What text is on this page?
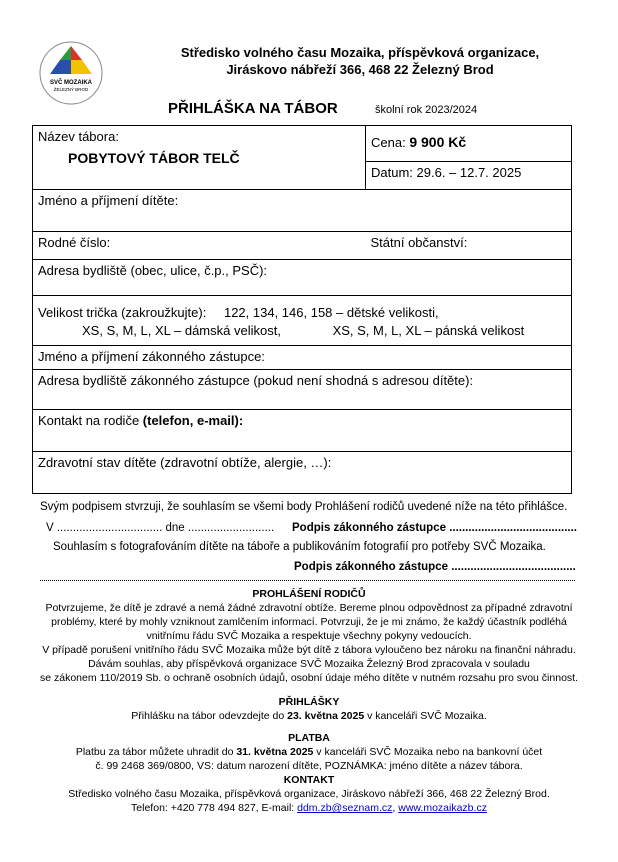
SVČ MOZAIKA
ŽELEZNÝ BROD
Středisko volného času Mozaika, příspěvková organizace,
Jiráskovo nábřeží 366, 468 22 Železný Brod
PŘIHLÁŠKA NA TÁBOR	školní rok 2023/2024
Název tábora:
POBYTOVÝ TÁBOR TELČ	Cena: 9 900 Kč
	Datum: 29.6. – 12.7. 2025
Jméno a příjmení dítěte:	
Rodné číslo:	Státní občanství:
Adresa bydliště (obec, ulice, č.p., PSČ):	

Velikost trička (zakroužkujte): 122, 134, 146, 158 – dětské velikosti,
XS, S, M, L, XL – dámská velikost, XS, S, M, L, XL – pánská velikost	

Jméno a příjmení zákonného zástupce:	
Adresa bydliště zákonného zástupce (pokud není shodná s adresou dítěte):	
Kontakt na rodiče (telefon, e-mail):	
Zdravotní stav dítěte (zdravotní obtíže, alergie, …):	
Svým podpisem stvrzuji, že souhlasím se všemi body Prohlášení rodičů uvedené níže na této přihlášce.
V ................................. dne ........................... Podpis zákonného zástupce ........................................
Souhlasím s fotografováním dítěte na táboře a publikováním fotografií pro potřeby SVČ Mozaika.
Podpis zákonného zástupce .......................................
PROHLÁŠENÍ RODIČŮ
Potvrzujeme, že dítě je zdravé a nemá žádné zdravotní obtíže. Bereme plnou odpovědnost za případné zdravotní
problémy, které by mohly vzniknout zamlčením informací. Potvrzuji, že je mi známo, že každý účastník podléhá
vnitřnímu řádu SVČ Mozaika a respektuje všechny pokyny vedoucích.
V případě porušení vnitřního řádu SVČ Mozaika může být dítě z tábora vyloučeno bez nároku na finanční náhradu.
Dávám souhlas, aby příspěvková organizace SVČ Mozaika Železný Brod zpracovala v souladu
se zákonem 110/2019 Sb. o ochraně osobních údajů, osobní údaje mého dítěte v nutném rozsahu pro svou činnost.
PŘIHLÁŠKY
Přihlášku na tábor odevzdejte do 23. května 2025 v kanceláři SVČ Mozaika.
PLATBA
Platbu za tábor můžete uhradit do 31. května 2025 v kanceláři SVČ Mozaika nebo na bankovní účet
č. 99 2468 369/0800, VS: datum narození dítěte, POZNÁMKA: jméno dítěte a název tábora.
KONTAKT
Středisko volného času Mozaika, příspěvková organizace, Jiráskovo nábřeží 366, 468 22 Železný Brod.
Telefon: +420 778 494 827, E-mail: ddm.zb@seznam.cz, www.mozaikazb.cz
